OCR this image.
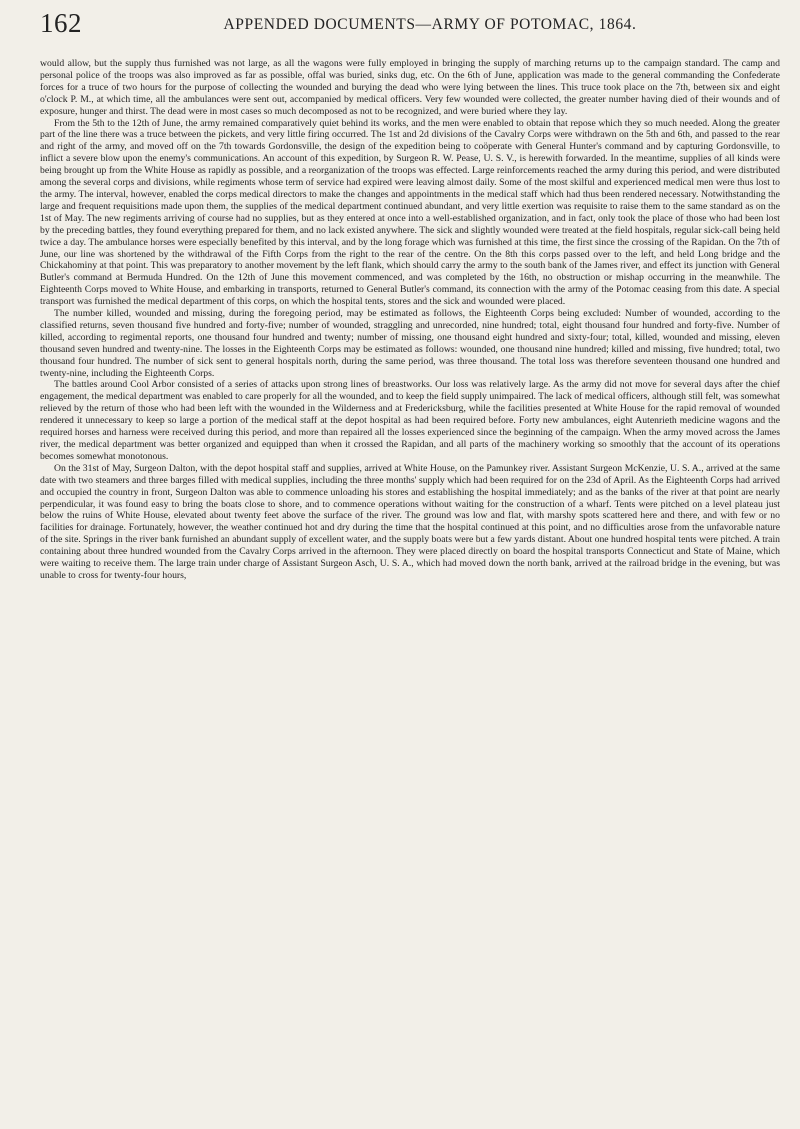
162	APPENDED DOCUMENTS—ARMY OF POTOMAC, 1864.

would allow, but the supply thus furnished was not large, as all the wagons were fully employed in bringing the supply of marching returns up to the campaign standard. The camp and personal police of the troops was also improved as far as possible, offal was buried, sinks dug, etc. On the 6th of June, application was made to the general commanding the Confederate forces for a truce of two hours for the purpose of collecting the wounded and burying the dead who were lying between the lines. This truce took place on the 7th, between six and eight o'clock P. M., at which time, all the ambulances were sent out, accompanied by medical officers. Very few wounded were collected, the greater number having died of their wounds and of exposure, hunger and thirst. The dead were in most cases so much decomposed as not to be recognized, and were buried where they lay.

From the 5th to the 12th of June, the army remained comparatively quiet behind its works, and the men were enabled to obtain that repose which they so much needed. Along the greater part of the line there was a truce between the pickets, and very little firing occurred. The 1st and 2d divisions of the Cavalry Corps were withdrawn on the 5th and 6th, and passed to the rear and right of the army, and moved off on the 7th towards Gordonsville, the design of the expedition being to coöperate with General Hunter's command and by capturing Gordonsville, to inflict a severe blow upon the enemy's communications. An account of this expedition, by Surgeon R. W. Pease, U. S. V., is herewith forwarded. In the meantime, supplies of all kinds were being brought up from the White House as rapidly as possible, and a reorganization of the troops was effected. Large reinforcements reached the army during this period, and were distributed among the several corps and divisions, while regiments whose term of service had expired were leaving almost daily. Some of the most skilful and experienced medical men were thus lost to the army. The interval, however, enabled the corps medical directors to make the changes and appointments in the medical staff which had thus been rendered necessary. Notwithstanding the large and frequent requisitions made upon them, the supplies of the medical department continued abundant, and very little exertion was requisite to raise them to the same standard as on the 1st of May. The new regiments arriving of course had no supplies, but as they entered at once into a well-established organization, and in fact, only took the place of those who had been lost by the preceding battles, they found everything prepared for them, and no lack existed anywhere. The sick and slightly wounded were treated at the field hospitals, regular sick-call being held twice a day. The ambulance horses were especially benefited by this interval, and by the long forage which was furnished at this time, the first since the crossing of the Rapidan. On the 7th of June, our line was shortened by the withdrawal of the Fifth Corps from the right to the rear of the centre. On the 8th this corps passed over to the left, and held Long bridge and the Chickahominy at that point. This was preparatory to another movement by the left flank, which should carry the army to the south bank of the James river, and effect its junction with General Butler's command at Bermuda Hundred. On the 12th of June this movement commenced, and was completed by the 16th, no obstruction or mishap occurring in the meanwhile. The Eighteenth Corps moved to White House, and embarking in transports, returned to General Butler's command, its connection with the army of the Potomac ceasing from this date. A special transport was furnished the medical department of this corps, on which the hospital tents, stores and the sick and wounded were placed.

The number killed, wounded and missing, during the foregoing period, may be estimated as follows, the Eighteenth Corps being excluded: Number of wounded, according to the classified returns, seven thousand five hundred and forty-five; number of wounded, straggling and unrecorded, nine hundred; total, eight thousand four hundred and forty-five. Number of killed, according to regimental reports, one thousand four hundred and twenty; number of missing, one thousand eight hundred and sixty-four; total, killed, wounded and missing, eleven thousand seven hundred and twenty-nine. The losses in the Eighteenth Corps may be estimated as follows: wounded, one thousand nine hundred; killed and missing, five hundred; total, two thousand four hundred. The number of sick sent to general hospitals north, during the same period, was three thousand. The total loss was therefore seventeen thousand one hundred and twenty-nine, including the Eighteenth Corps.

The battles around Cool Arbor consisted of a series of attacks upon strong lines of breastworks. Our loss was relatively large. As the army did not move for several days after the chief engagement, the medical department was enabled to care properly for all the wounded, and to keep the field supply unimpaired. The lack of medical officers, although still felt, was somewhat relieved by the return of those who had been left with the wounded in the Wilderness and at Fredericksburg, while the facilities presented at White House for the rapid removal of wounded rendered it unnecessary to keep so large a portion of the medical staff at the depot hospital as had been required before. Forty new ambulances, eight Autenrieth medicine wagons and the required horses and harness were received during this period, and more than repaired all the losses experienced since the beginning of the campaign. When the army moved across the James river, the medical department was better organized and equipped than when it crossed the Rapidan, and all parts of the machinery working so smoothly that the account of its operations becomes somewhat monotonous.

On the 31st of May, Surgeon Dalton, with the depot hospital staff and supplies, arrived at White House, on the Pamunkey river. Assistant Surgeon McKenzie, U. S. A., arrived at the same date with two steamers and three barges filled with medical supplies, including the three months' supply which had been required for on the 23d of April. As the Eighteenth Corps had arrived and occupied the country in front, Surgeon Dalton was able to commence unloading his stores and establishing the hospital immediately; and as the banks of the river at that point are nearly perpendicular, it was found easy to bring the boats close to shore, and to commence operations without waiting for the construction of a wharf. Tents were pitched on a level plateau just below the ruins of White House, elevated about twenty feet above the surface of the river. The ground was low and flat, with marshy spots scattered here and there, and with few or no facilities for drainage. Fortunately, however, the weather continued hot and dry during the time that the hospital continued at this point, and no difficulties arose from the unfavorable nature of the site. Springs in the river bank furnished an abundant supply of excellent water, and the supply boats were but a few yards distant. About one hundred hospital tents were pitched. A train containing about three hundred wounded from the Cavalry Corps arrived in the afternoon. They were placed directly on board the hospital transports Connecticut and State of Maine, which were waiting to receive them. The large train under charge of Assistant Surgeon Asch, U. S. A., which had moved down the north bank, arrived at the railroad bridge in the evening, but was unable to cross for twenty-four hours,
